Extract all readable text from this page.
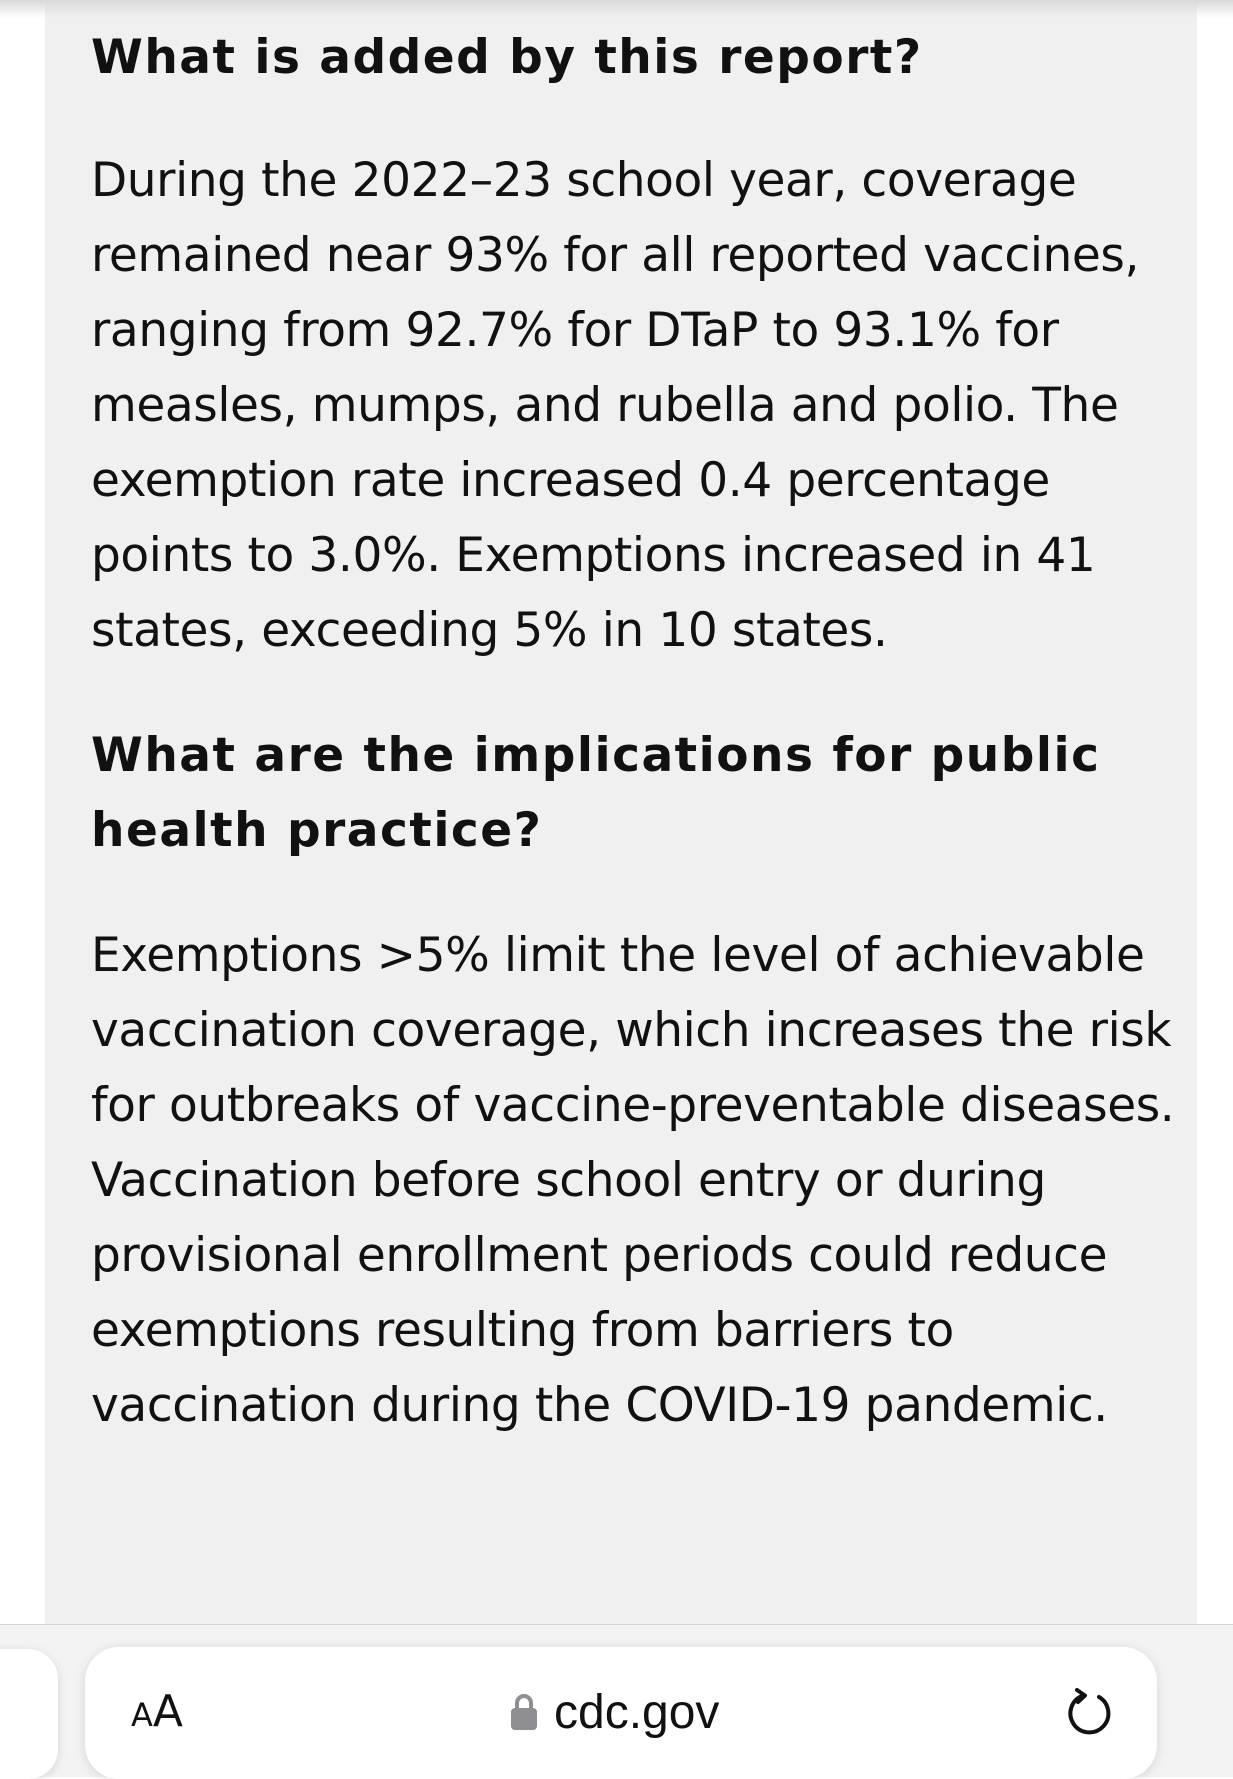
What is added by this report?

During the 2022–23 school year, coverage remained near 93% for all reported vaccines, ranging from 92.7% for DTaP to 93.1% for measles, mumps, and rubella and polio. The exemption rate increased 0.4 percentage points to 3.0%. Exemptions increased in 41 states, exceeding 5% in 10 states.

What are the implications for public health practice?

Exemptions >5% limit the level of achievable vaccination coverage, which increases the risk for outbreaks of vaccine-preventable diseases. Vaccination before school entry or during provisional enrollment periods could reduce exemptions resulting from barriers to vaccination during the COVID-19 pandemic.

AA	cdc.gov
